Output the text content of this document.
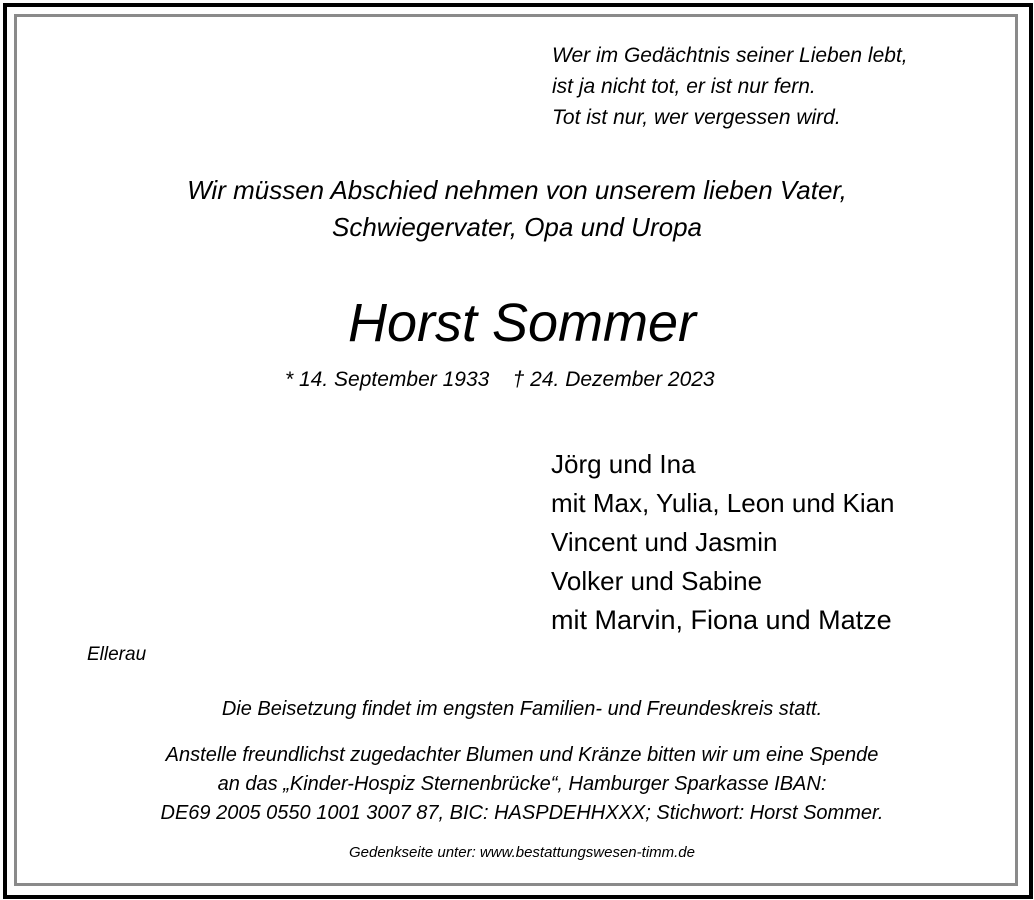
Wer im Gedächtnis seiner Lieben lebt,
ist ja nicht tot, er ist nur fern.
Tot ist nur, wer vergessen wird.
Wir müssen Abschied nehmen von unserem lieben Vater,
Schwiegervater, Opa und Uropa
Horst Sommer
* 14. September 1933    † 24. Dezember 2023
Jörg und Ina
mit Max, Yulia, Leon und Kian
Vincent und Jasmin
Volker und Sabine
mit Marvin, Fiona und Matze
Ellerau
Die Beisetzung findet im engsten Familien- und Freundeskreis statt.
Anstelle freundlichst zugedachter Blumen und Kränze bitten wir um eine Spende
an das „Kinder-Hospiz Sternenbrücke“, Hamburger Sparkasse IBAN:
DE69 2005 0550 1001 3007 87, BIC: HASPDEHHXXX; Stichwort: Horst Sommer.
Gedenkseite unter: www.bestattungswesen-timm.de
